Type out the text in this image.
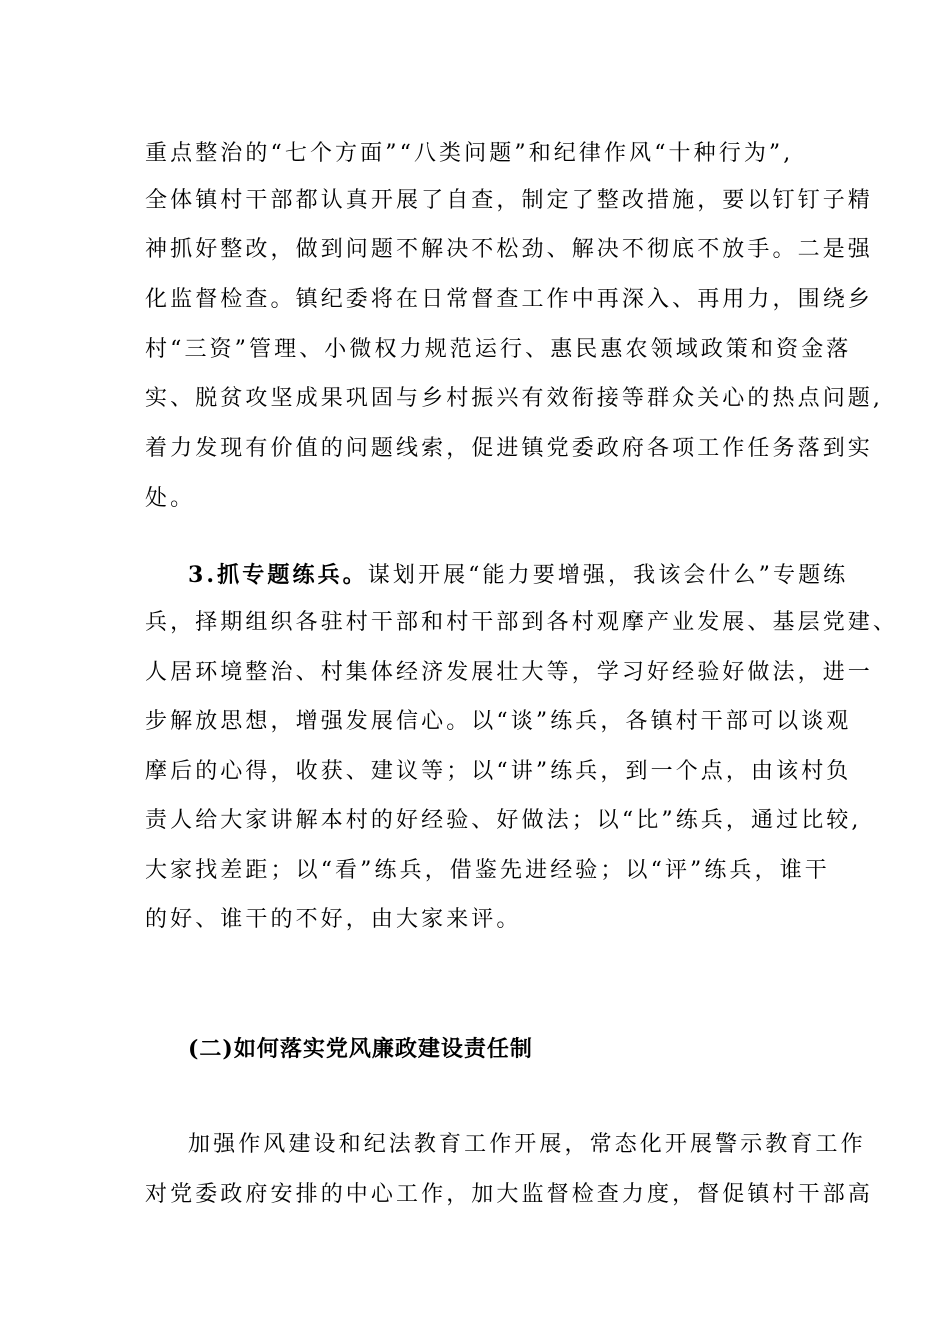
重点整治的“七个方面”“八类问题”和纪律作风“十种行为”,
全体镇村干部都认真开展了自查，制定了整改措施，要以钉钉子精
神抓好整改，做到问题不解决不松劲、解决不彻底不放手。二是强
化监督检查。镇纪委将在日常督查工作中再深入、再用力，围绕乡
村“三资”管理、小微权力规范运行、惠民惠农领域政策和资金落
实、脱贫攻坚成果巩固与乡村振兴有效衔接等群众关心的热点问题,
着力发现有价值的问题线索，促进镇党委政府各项工作任务落到实
处。
3.抓专题练兵。谋划开展“能力要增强，我该会什么”专题练
兵，择期组织各驻村干部和村干部到各村观摩产业发展、基层党建、
人居环境整治、村集体经济发展壮大等，学习好经验好做法，进一
步解放思想，增强发展信心。以“谈”练兵，各镇村干部可以谈观
摩后的心得，收获、建议等；以“讲”练兵，到一个点，由该村负
责人给大家讲解本村的好经验、好做法；以“比”练兵，通过比较,
大家找差距；以“看”练兵，借鉴先进经验；以“评”练兵，谁干
的好、谁干的不好，由大家来评。
(二)如何落实党风廉政建设责任制
加强作风建设和纪法教育工作开展，常态化开展警示教育工作
对党委政府安排的中心工作，加大监督检查力度，督促镇村干部高
